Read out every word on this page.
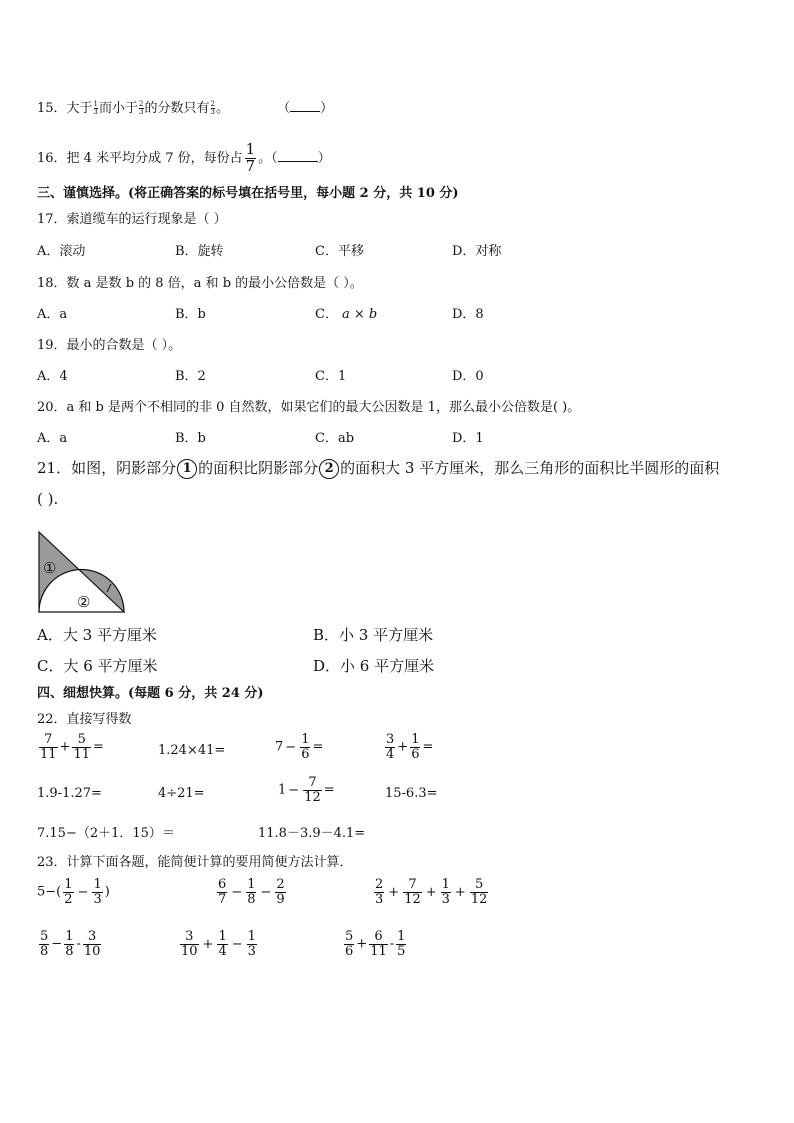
15．大于 $\frac{1}{3}$ 而小于 $\frac{2}{3}$ 的分数只有 $\frac{2}{3}$ 。	（ ）
16．把 4 米平均分成 7 份，每份占 $\frac{1}{7}$ 。（	）
三、谨慎选择。(将正确答案的标号填在括号里，每小题 2 分，共 10 分)
17．索道缆车的运行现象是（ ）
A．滚动	B．旋转	C．平移	D．对称
18．数 a 是数 b 的 8 倍，a 和 b 的最小公倍数是（ ）。
A．a	B．b	C． a × b	D．8
19．最小的合数是（ ）。
A．4	B．2	C．1	D．0
20．a 和 b 是两个不相同的非 0 自然数，如果它们的最大公因数是 1，那么最小公倍数是( )。
A．a	B．b	C．ab	D．1
21．如图，阴影部分 1 的面积比阴影部分 2 的面积大 3 平方厘米，那么三角形的面积比半圆形的面积
( ).
①
②
A．大 3 平方厘米	B．小 3 平方厘米
C．大 6 平方厘米	D．小 6 平方厘米
四、细想快算。(每题 6 分，共 24 分)
22．直接写得数
$\frac{7}{11} + \frac{5}{11}$ =	1.24×41=	$7 - \frac{1}{6}$ =	$\frac{3}{4} + \frac{1}{6}$ =
1.9-1.27=	4÷21=	$1 - \frac{7}{12}$ =	15-6.3=
7.15−（2＋1．15）＝	11.8－3.9－4.1=
23．计算下面各题，能简便计算的要用简便方法计算．
$5-( \frac{1}{2} - \frac{1}{3}$ )	$\frac{6}{7} - \frac{1}{8} - \frac{2}{9}$	$\frac{2}{3} + \frac{7}{12} + \frac{1}{3} + \frac{5}{12}$
$\frac{5}{8} - \frac{1}{8} - \frac{3}{10}$	$\frac{3}{10} + \frac{1}{4} - \frac{1}{3}$	$\frac{5}{6} + \frac{6}{11} - \frac{1}{5}$
